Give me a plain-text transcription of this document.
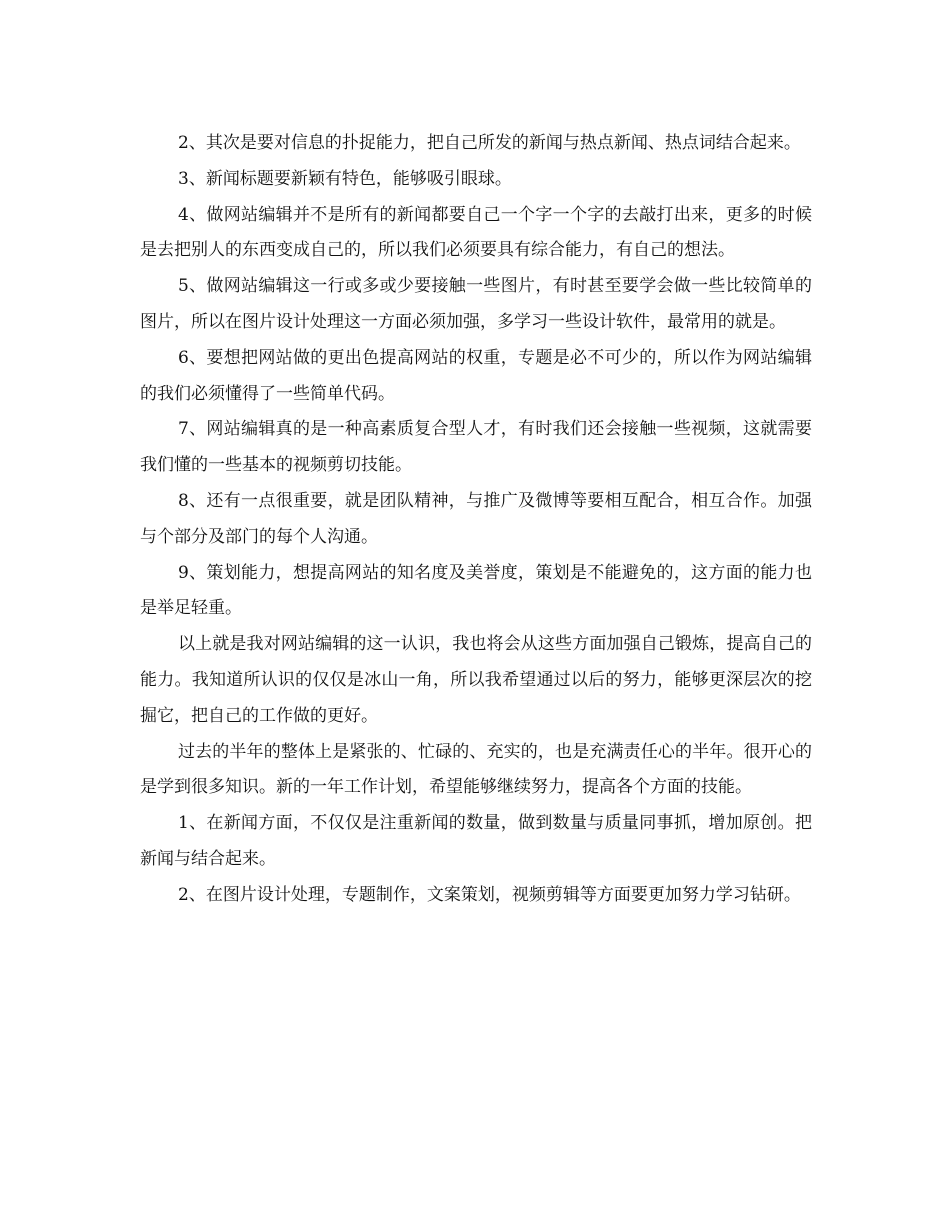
2、其次是要对信息的扑捉能力，把自己所发的新闻与热点新闻、热点词结合起来。

3、新闻标题要新颖有特色，能够吸引眼球。

4、做网站编辑并不是所有的新闻都要自己一个字一个字的去敲打出来，更多的时候是去把别人的东西变成自己的，所以我们必须要具有综合能力，有自己的想法。

5、做网站编辑这一行或多或少要接触一些图片，有时甚至要学会做一些比较简单的图片，所以在图片设计处理这一方面必须加强，多学习一些设计软件，最常用的就是。

6、要想把网站做的更出色提高网站的权重，专题是必不可少的，所以作为网站编辑的我们必须懂得了一些简单代码。

7、网站编辑真的是一种高素质复合型人才，有时我们还会接触一些视频，这就需要我们懂的一些基本的视频剪切技能。

8、还有一点很重要，就是团队精神，与推广及微博等要相互配合，相互合作。加强与个部分及部门的每个人沟通。

9、策划能力，想提高网站的知名度及美誉度，策划是不能避免的，这方面的能力也是举足轻重。

以上就是我对网站编辑的这一认识，我也将会从这些方面加强自己锻炼，提高自己的能力。我知道所认识的仅仅是冰山一角，所以我希望通过以后的努力，能够更深层次的挖掘它，把自己的工作做的更好。

过去的半年的整体上是紧张的、忙碌的、充实的，也是充满责任心的半年。很开心的是学到很多知识。新的一年工作计划，希望能够继续努力，提高各个方面的技能。

1、在新闻方面，不仅仅是注重新闻的数量，做到数量与质量同事抓，增加原创。把新闻与结合起来。

2、在图片设计处理，专题制作，文案策划，视频剪辑等方面要更加努力学习钻研。
